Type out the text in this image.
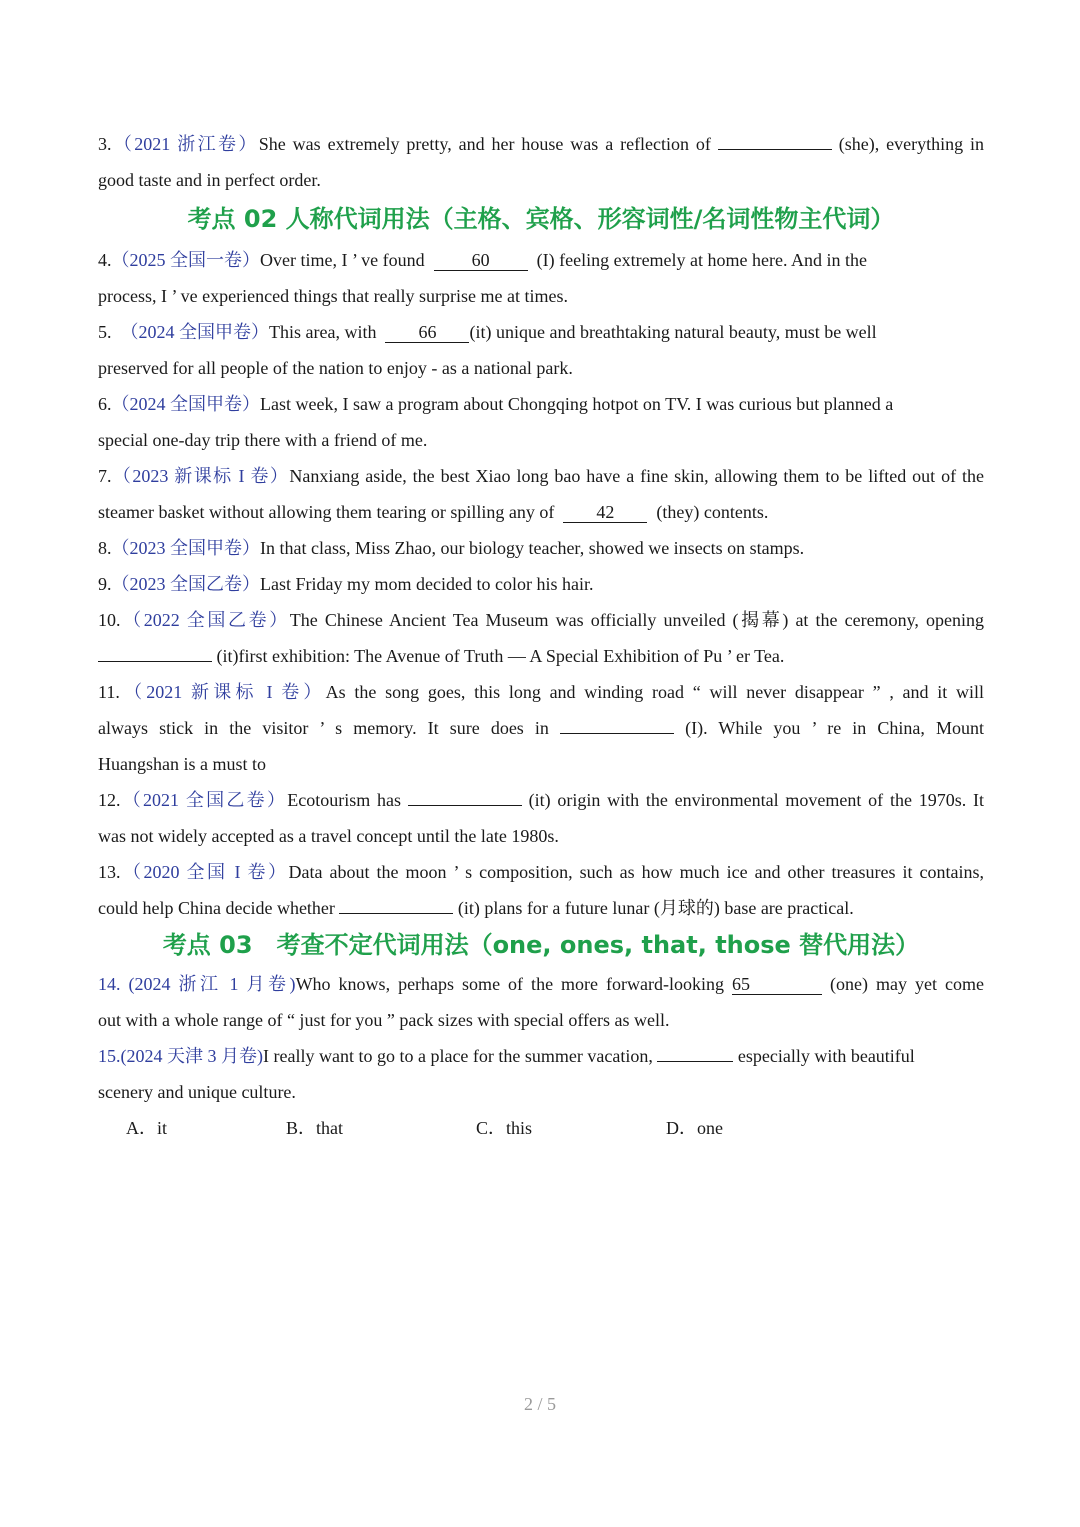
3.（2021 浙江卷）She was extremely pretty, and her house was a reflection of	(she), everything in
good taste and in perfect order.
考点 02 人称代词用法（主格、宾格、形容词性/名词性物主代词）
4.（2025 全国一卷）Over time, I ’ ve found  60  (I) feeling extremely at home here. And in the
process, I ’ ve experienced things that really surprise me at times.
5.  （2024 全国甲卷）This area, with  66 (it) unique and breathtaking natural beauty, must be well
preserved for all people of the nation to enjoy - as a national park.
6.（2024 全国甲卷）Last week, I saw a program about Chongqing hotpot on TV. I was curious but planned a
special one-day trip there with a friend of me.
7.（2023 新课标 I 卷）Nanxiang aside, the best Xiao long bao have a fine skin, allowing them to be lifted out of the
steamer basket without allowing them tearing or spilling any of  42  (they) contents.
8.（2023 全国甲卷）In that class, Miss Zhao, our biology teacher, showed we insects on stamps.
9.（2023 全国乙卷）Last Friday my mom decided to color his hair.
10.（2022 全国乙卷）The Chinese Ancient Tea Museum was officially unveiled (揭幕) at the ceremony, opening
(it)first exhibition: The Avenue of Truth — A Special Exhibition of Pu ’ er Tea.
11.（2021 新课标 I 卷）As the song goes, this long and winding road “ will never disappear ” , and it will
always stick in the visitor ’ s memory. It sure does in	(I). While you ’ re in China, Mount
Huangshan is a must to
12.（2021 全国乙卷）Ecotourism has	(it) origin with the environmental movement of the 1970s. It
was not widely accepted as a travel concept until the late 1980s.
13.（2020 全国 I 卷）Data about the moon ’ s composition, such as how much ice and other treasures it contains,
could help China decide whether	(it) plans for a future lunar (月球的) base are practical.
考点 03　考查不定代词用法（one, ones, that, those 替代用法）
14. (2024 浙江 1 月卷)Who knows, perhaps some of the more forward-looking 65	(one) may yet come
out with a whole range of “ just for you ” pack sizes with special offers as well.
15.(2024 天津 3 月卷)I really want to go to a place for the summer vacation,	especially with beautiful
scenery and unique culture.
A．it	B．that	C．this	D．one
2 / 5
